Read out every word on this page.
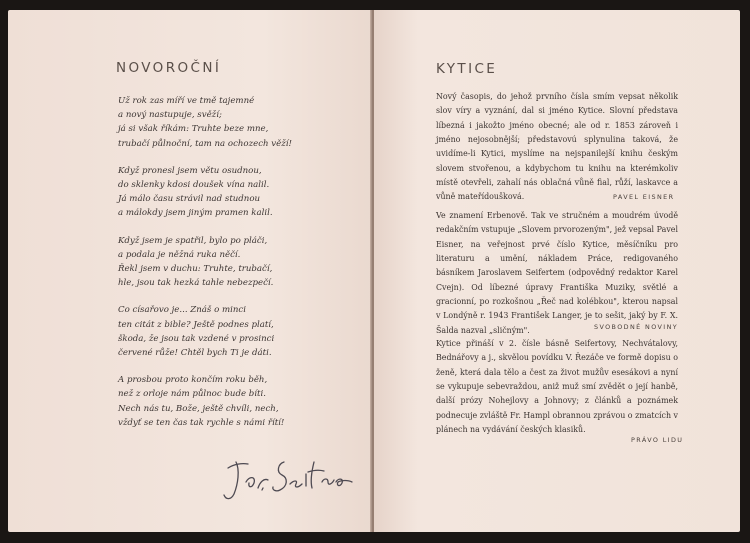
NOVOROČNÍ
Už rok zas míří ve tmě tajemné
a nový nastupuje, svěží;
já si však říkám: Truhte beze mne,
trubačí půlnoční, tam na ochozech věží!
Když pronesl jsem větu osudnou,
do sklenky kdosi doušek vína nalil.
Já málo času strávil nad studnou
a málokdy jsem jiným pramen kalil.
Když jsem je spatřil, bylo po pláči,
a podala je něžná ruka něčí.
Řekl jsem v duchu: Truhte, trubačí,
hle, jsou tak hezká tahle nebezpečí.
Co císařovo je... Znáš o minci
ten citát z bible? Ještě podnes platí,
škoda, že jsou tak vzdené v prosinci
červené růže! Chtěl bych Ti je dáti.
A prosbou proto končím roku běh,
než z orloje nám půlnoc bude bíti.
Nech nás tu, Bože, ještě chvíli, nech,
vždyť se ten čas tak rychle s námi řítí!
KYTICE

Nový časopis, do jehož prvního čísla smím vepsat několik slov víry a vyznání, dal si jméno Kytice. Slovní představa líbezná i jakožto jméno obecné; ale od r. 1853 zároveň i jméno nejosobnější; představovú splynulina taková, že uvidíme-li Kytici, myslíme na nejspanilejší knihu českým slovem stvořenou, a kdybychom tu knihu na kterémkoliv místě otevřeli, zahalí nás oblačná vůně fial, růží, laskavce a vůně mateřídoušková.	PAVEL EISNER

Ve znamení Erbenově. Tak ve stručném a moudrém úvodě redakčním vstupuje „Slovem prvorozeným", jež vepsal Pavel Eisner, na veřejnost prvé číslo Kytice, měsíčníku pro literaturu a umění, nákladem Práce, redigovaného básníkem Jaroslavem Seifertem (odpovědný redaktor Karel Cvejn). Od líbezné úpravy Františka Muziky, světlé a gracionní, po rozkošnou „Řeč nad kolébkou", kterou napsal v Londýně r. 1943 František Langer, je to sešit, jaký by F. X. Šalda nazval „sličným".	SVOBODNÉ NOVINY

Kytice přináší v 2. čísle básně Seifertovy, Nechvátalovy, Bednářovy a j., skvělou povídku V. Řezáče ve formě dopisu o ženě, která dala tělo a čest za život mužův esesákovi a nyní se vykupuje sebevraždou, aniž muž smí zvědět o její hanbě, další prózy Nohejlovy a Johnovy; z článků a poznámek podnecuje zvláště Fr. Hampl obrannou zprávou o zmatcích v plánech na vydávání českých klasiků.

PRÁVO LIDU
